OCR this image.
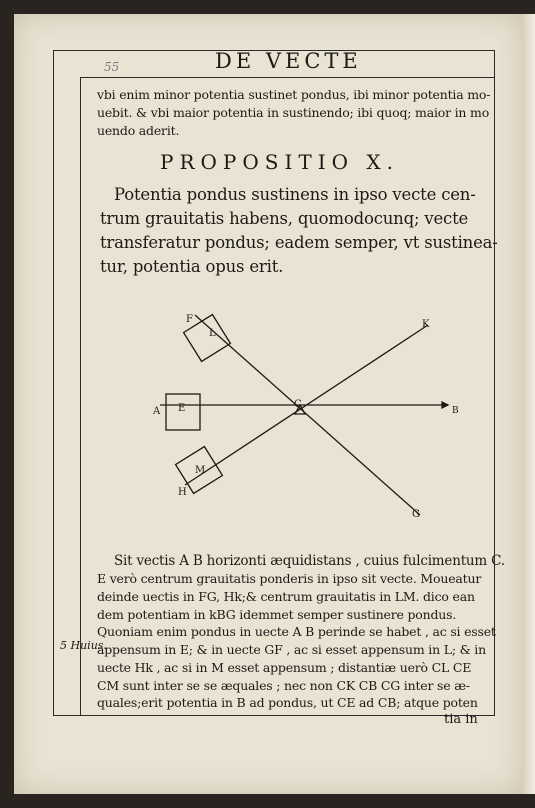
DE VECTE
55
vbi enim minor potentia sustinet pondus, ibi minor potentia mo-
uebit. & vbi maior potentia in sustinendo; ibi quoq; maior in mo
uendo aderit.
PROPOSITIO X.
Potentia pondus sustinens in ipso vecte cen-
trum grauitatis habens, quomodocunq; vecte
transferatur pondus; eadem semper, vt sustinea-
tur, potentia opus erit.
F
L
K
A E	C
B
M
H
G
Sit vectis A B horizonti æquidistans , cuius fulcimentum C.
E verò centrum grauitatis ponderis in ipso sit vecte. Moueatur
deinde uectis in FG, Hk;& centrum grauitatis in LM. dico ean
dem potentiam in kBG idemmet semper sustinere pondus.
Quoniam enim pondus in uecte A B perinde se habet , ac si esset
appensum in E; & in uecte GF , ac si esset appensum in L; & in
uecte Hk , ac si in M esset appensum ; distantiæ uerò CL CE
CM sunt inter se se æquales ; nec non CK CB CG inter se æ-
quales;erit potentia in B ad pondus, ut CE ad CB; atque poten
5 Huius.
tia in
